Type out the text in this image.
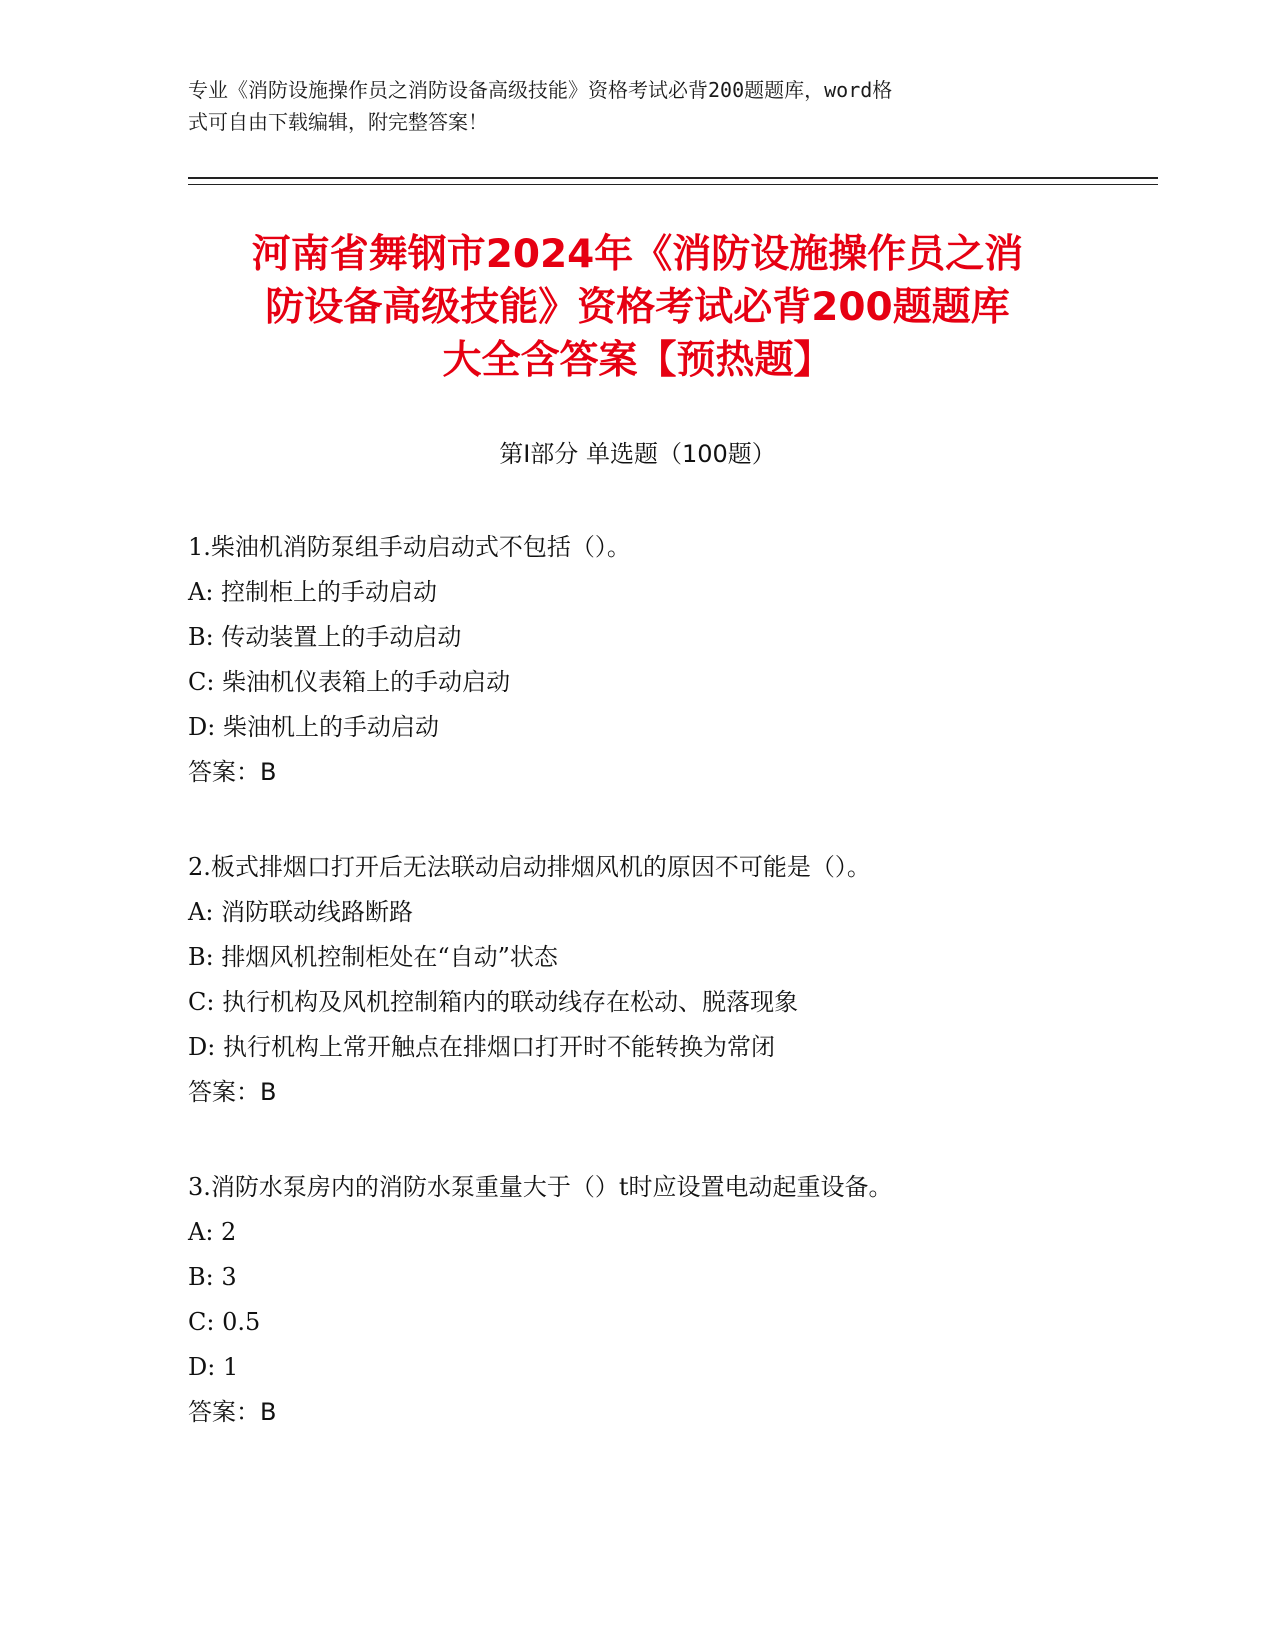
专业《消防设施操作员之消防设备高级技能》资格考试必背200题题库，word格
式可自由下载编辑，附完整答案！
河南省舞钢市2024年《消防设施操作员之消
防设备高级技能》资格考试必背200题题库
大全含答案【预热题】
第Ⅰ部分 单选题（100题）
1.柴油机消防泵组手动启动式不包括（）。
A: 控制柜上的手动启动
B: 传动装置上的手动启动
C: 柴油机仪表箱上的手动启动
D: 柴油机上的手动启动
答案：B
2.板式排烟口打开后无法联动启动排烟风机的原因不可能是（）。
A: 消防联动线路断路
B: 排烟风机控制柜处在“自动”状态
C: 执行机构及风机控制箱内的联动线存在松动、脱落现象
D: 执行机构上常开触点在排烟口打开时不能转换为常闭
答案：B
3.消防水泵房内的消防水泵重量大于（）t时应设置电动起重设备。
A: 2
B: 3
C: 0.5
D: 1
答案：B
